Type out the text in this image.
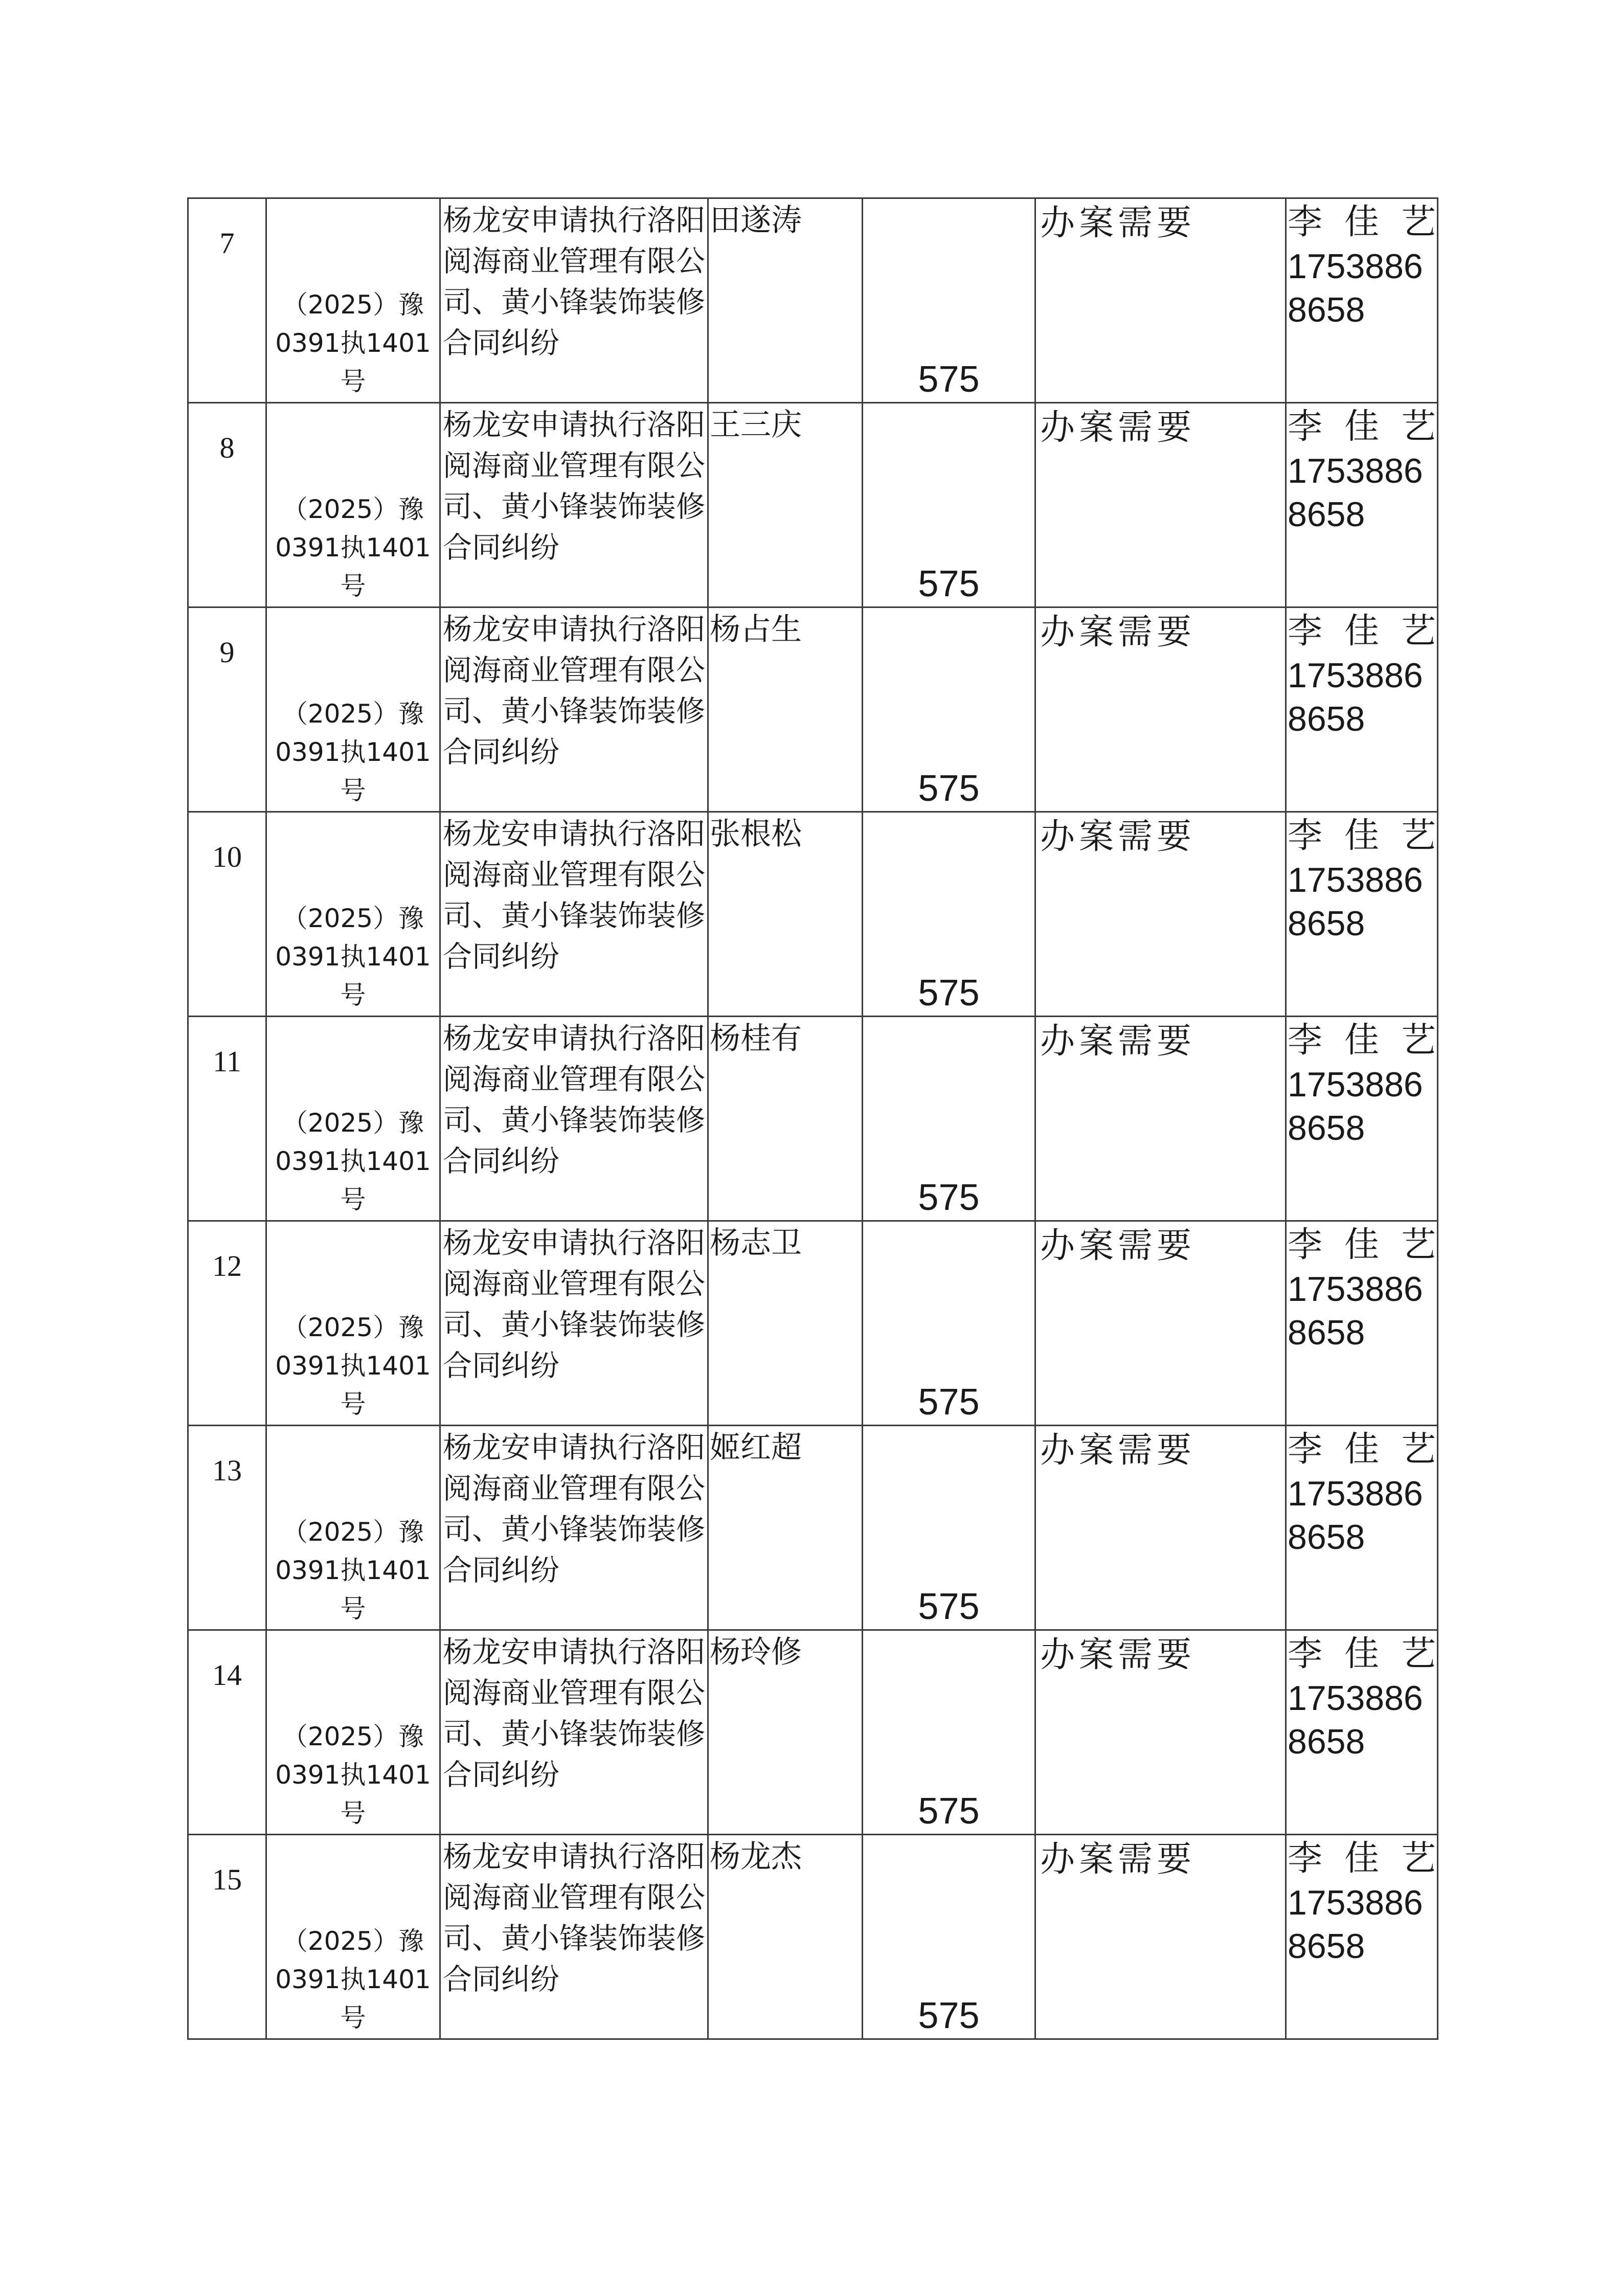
7	（2025）豫0391执1401号	杨龙安申请执行洛阳阅海商业管理有限公司、黄小锋装饰装修合同纠纷	田遂涛	575	办案需要	李 佳 艺
17538868658

8	（2025）豫0391执1401号	杨龙安申请执行洛阳阅海商业管理有限公司、黄小锋装饰装修合同纠纷	王三庆	575	办案需要	李 佳 艺
17538868658

9	（2025）豫0391执1401号	杨龙安申请执行洛阳阅海商业管理有限公司、黄小锋装饰装修合同纠纷	杨占生	575	办案需要	李 佳 艺
17538868658

10	（2025）豫0391执1401号	杨龙安申请执行洛阳阅海商业管理有限公司、黄小锋装饰装修合同纠纷	张根松	575	办案需要	李 佳 艺
17538868658

11	（2025）豫0391执1401号	杨龙安申请执行洛阳阅海商业管理有限公司、黄小锋装饰装修合同纠纷	杨桂有	575	办案需要	李 佳 艺
17538868658

12	（2025）豫0391执1401号	杨龙安申请执行洛阳阅海商业管理有限公司、黄小锋装饰装修合同纠纷	杨志卫	575	办案需要	李 佳 艺
17538868658

13	（2025）豫0391执1401号	杨龙安申请执行洛阳阅海商业管理有限公司、黄小锋装饰装修合同纠纷	姬红超	575	办案需要	李 佳 艺
17538868658

14	（2025）豫0391执1401号	杨龙安申请执行洛阳阅海商业管理有限公司、黄小锋装饰装修合同纠纷	杨玲修	575	办案需要	李 佳 艺
17538868658

15	（2025）豫0391执1401号	杨龙安申请执行洛阳阅海商业管理有限公司、黄小锋装饰装修合同纠纷	杨龙杰	575	办案需要	李 佳 艺
17538868658
